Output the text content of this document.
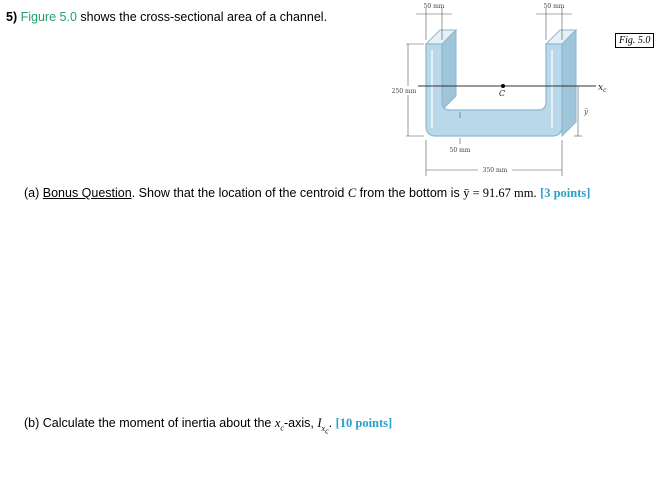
5) Figure 5.0 shows the cross-sectional area of a channel.
Fig. 5.0
50 mm	50 mm
250 mm
50 mm
350 mm
C
$x_c$
ȳ
(a) Bonus Question. Show that the location of the centroid C from the bottom is ȳ = 91.67 mm. [3 points]
(b) Calculate the moment of inertia about the $x_c$-axis, $I_{x_c}$. [10 points]
